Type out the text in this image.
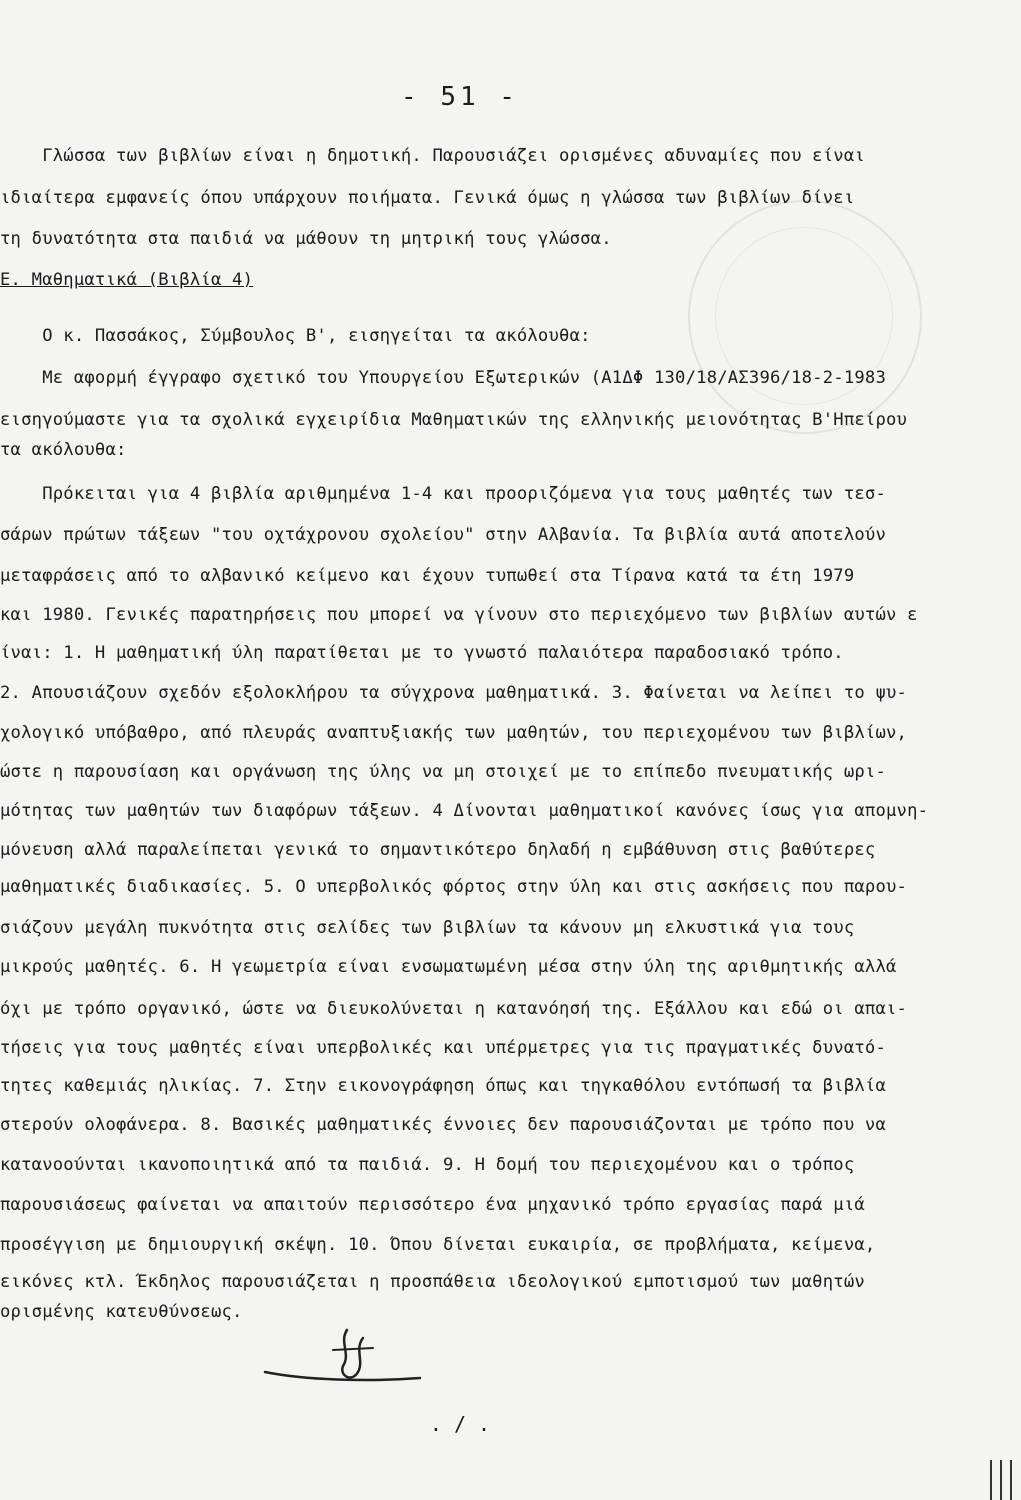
- 51 -
Γλώσσα των βιβλίων είναι η δημοτική. Παρουσιάζει ορισμένες αδυναμίες που είναι
ιδιαίτερα εμφανείς όπου υπάρχουν ποιήματα. Γενικά όμως η γλώσσα των βιβλίων δίνει
τη δυνατότητα στα παιδιά να μάθουν τη μητρική τους γλώσσα.
Ε. Μαθηματικά (Βιβλία 4)
Ο κ. Πασσάκος, Σύμβουλος Β', εισηγείται τα ακόλουθα:
Με αφορμή έγγραφο σχετικό του Υπουργείου Εξωτερικών (Α1ΔΦ 130/18/ΑΣ396/18-2-1983
εισηγούμαστε για τα σχολικά εγχειρίδια Μαθηματικών της ελληνικής μειονότητας Β'Ηπείρου
τα ακόλουθα:
Πρόκειται για 4 βιβλία αριθμημένα 1-4 και προοριζόμενα για τους μαθητές των τεσ-
σάρων πρώτων τάξεων "του οχτάχρονου σχολείου" στην Αλβανία. Τα βιβλία αυτά αποτελούν
μεταφράσεις από το αλβανικό κείμενο και έχουν τυπωθεί στα Τίρανα κατά τα έτη 1979
και 1980. Γενικές παρατηρήσεις που μπορεί να γίνουν στο περιεχόμενο των βιβλίων αυτών ε
ίναι: 1. Η μαθηματική ύλη παρατίθεται με το γνωστό παλαιότερα παραδοσιακό τρόπο.
2. Απουσιάζουν σχεδόν εξολοκλήρου τα σύγχρονα μαθηματικά. 3. Φαίνεται να λείπει το ψυ-
χολογικό υπόβαθρο, από πλευράς αναπτυξιακής των μαθητών, του περιεχομένου των βιβλίων,
ώστε η παρουσίαση και οργάνωση της ύλης να μη στοιχεί με το επίπεδο πνευματικής ωρι-
μότητας των μαθητών των διαφόρων τάξεων. 4 Δίνονται μαθηματικοί κανόνες ίσως για απομνη-
μόνευση αλλά παραλείπεται γενικά το σημαντικότερο δηλαδή η εμβάθυνση στις βαθύτερες
μαθηματικές διαδικασίες. 5. Ο υπερβολικός φόρτος στην ύλη και στις ασκήσεις που παρου-
σιάζουν μεγάλη πυκνότητα στις σελίδες των βιβλίων τα κάνουν μη ελκυστικά για τους
μικρούς μαθητές. 6. Η γεωμετρία είναι ενσωματωμένη μέσα στην ύλη της αριθμητικής αλλά
όχι με τρόπο οργανικό, ώστε να διευκολύνεται η κατανόησή της. Εξάλλου και εδώ οι απαι-
τήσεις για τους μαθητές είναι υπερβολικές και υπέρμετρες για τις πραγματικές δυνατό-
τητες καθεμιάς ηλικίας. 7. Στην εικονογράφηση όπως και τηγκαθόλου εντόπωσή τα βιβλία
στερούν ολοφάνερα. 8. Βασικές μαθηματικές έννοιες δεν παρουσιάζονται με τρόπο που να
κατανοούνται ικανοποιητικά από τα παιδιά. 9. Η δομή του περιεχομένου και ο τρόπος
παρουσιάσεως φαίνεται να απαιτούν περισσότερο ένα μηχανικό τρόπο εργασίας παρά μιά
προσέγγιση με δημιουργική σκέψη. 10. Όπου δίνεται ευκαιρία, σε προβλήματα, κείμενα,
εικόνες κτλ. Έκδηλος παρουσιάζεται η προσπάθεια ιδεολογικού εμποτισμού των μαθητών
ορισμένης κατευθύνσεως.
. / .
